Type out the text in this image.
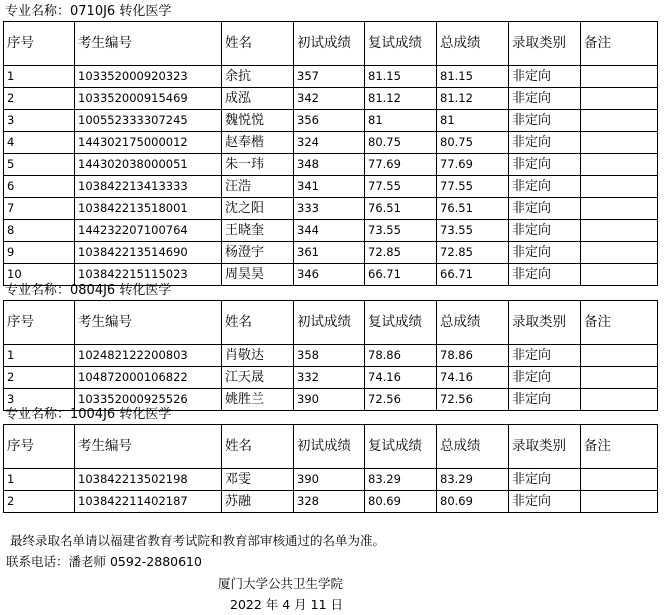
专业名称：0710J6 转化医学
序号	考生编号	姓名	初试成绩	复试成绩	总成绩	录取类别	备注
1	103352000920323	余抗	357	81.15	81.15	非定向	
2	103352000915469	成泓	342	81.12	81.12	非定向	
3	100552333307245	魏悦悦	356	81	81	非定向	
4	144302175000012	赵奉楷	324	80.75	80.75	非定向	
5	144302038000051	朱一玮	348	77.69	77.69	非定向	
6	103842213413333	汪浩	341	77.55	77.55	非定向	
7	103842213518001	沈之阳	333	76.51	76.51	非定向	
8	144232207100764	王晓奎	344	73.55	73.55	非定向	
9	103842213514690	杨澄宇	361	72.85	72.85	非定向	
10	103842215115023	周昊昊	346	66.71	66.71	非定向	
专业名称：0804J6 转化医学
序号	考生编号	姓名	初试成绩	复试成绩	总成绩	录取类别	备注
1	102482122200803	肖敬达	358	78.86	78.86	非定向	
2	104872000106822	江天晟	332	74.16	74.16	非定向	
3	103352000925526	姚胜兰	390	72.56	72.56	非定向	
专业名称：1004J6 转化医学
序号	考生编号	姓名	初试成绩	复试成绩	总成绩	录取类别	备注
1	103842213502198	邓雯	390	83.29	83.29	非定向	
2	103842211402187	苏融	328	80.69	80.69	非定向	
最终录取名单请以福建省教育考试院和教育部审核通过的名单为准。
联系电话：潘老师 0592-2880610
厦门大学公共卫生学院
2022 年 4 月 11 日
